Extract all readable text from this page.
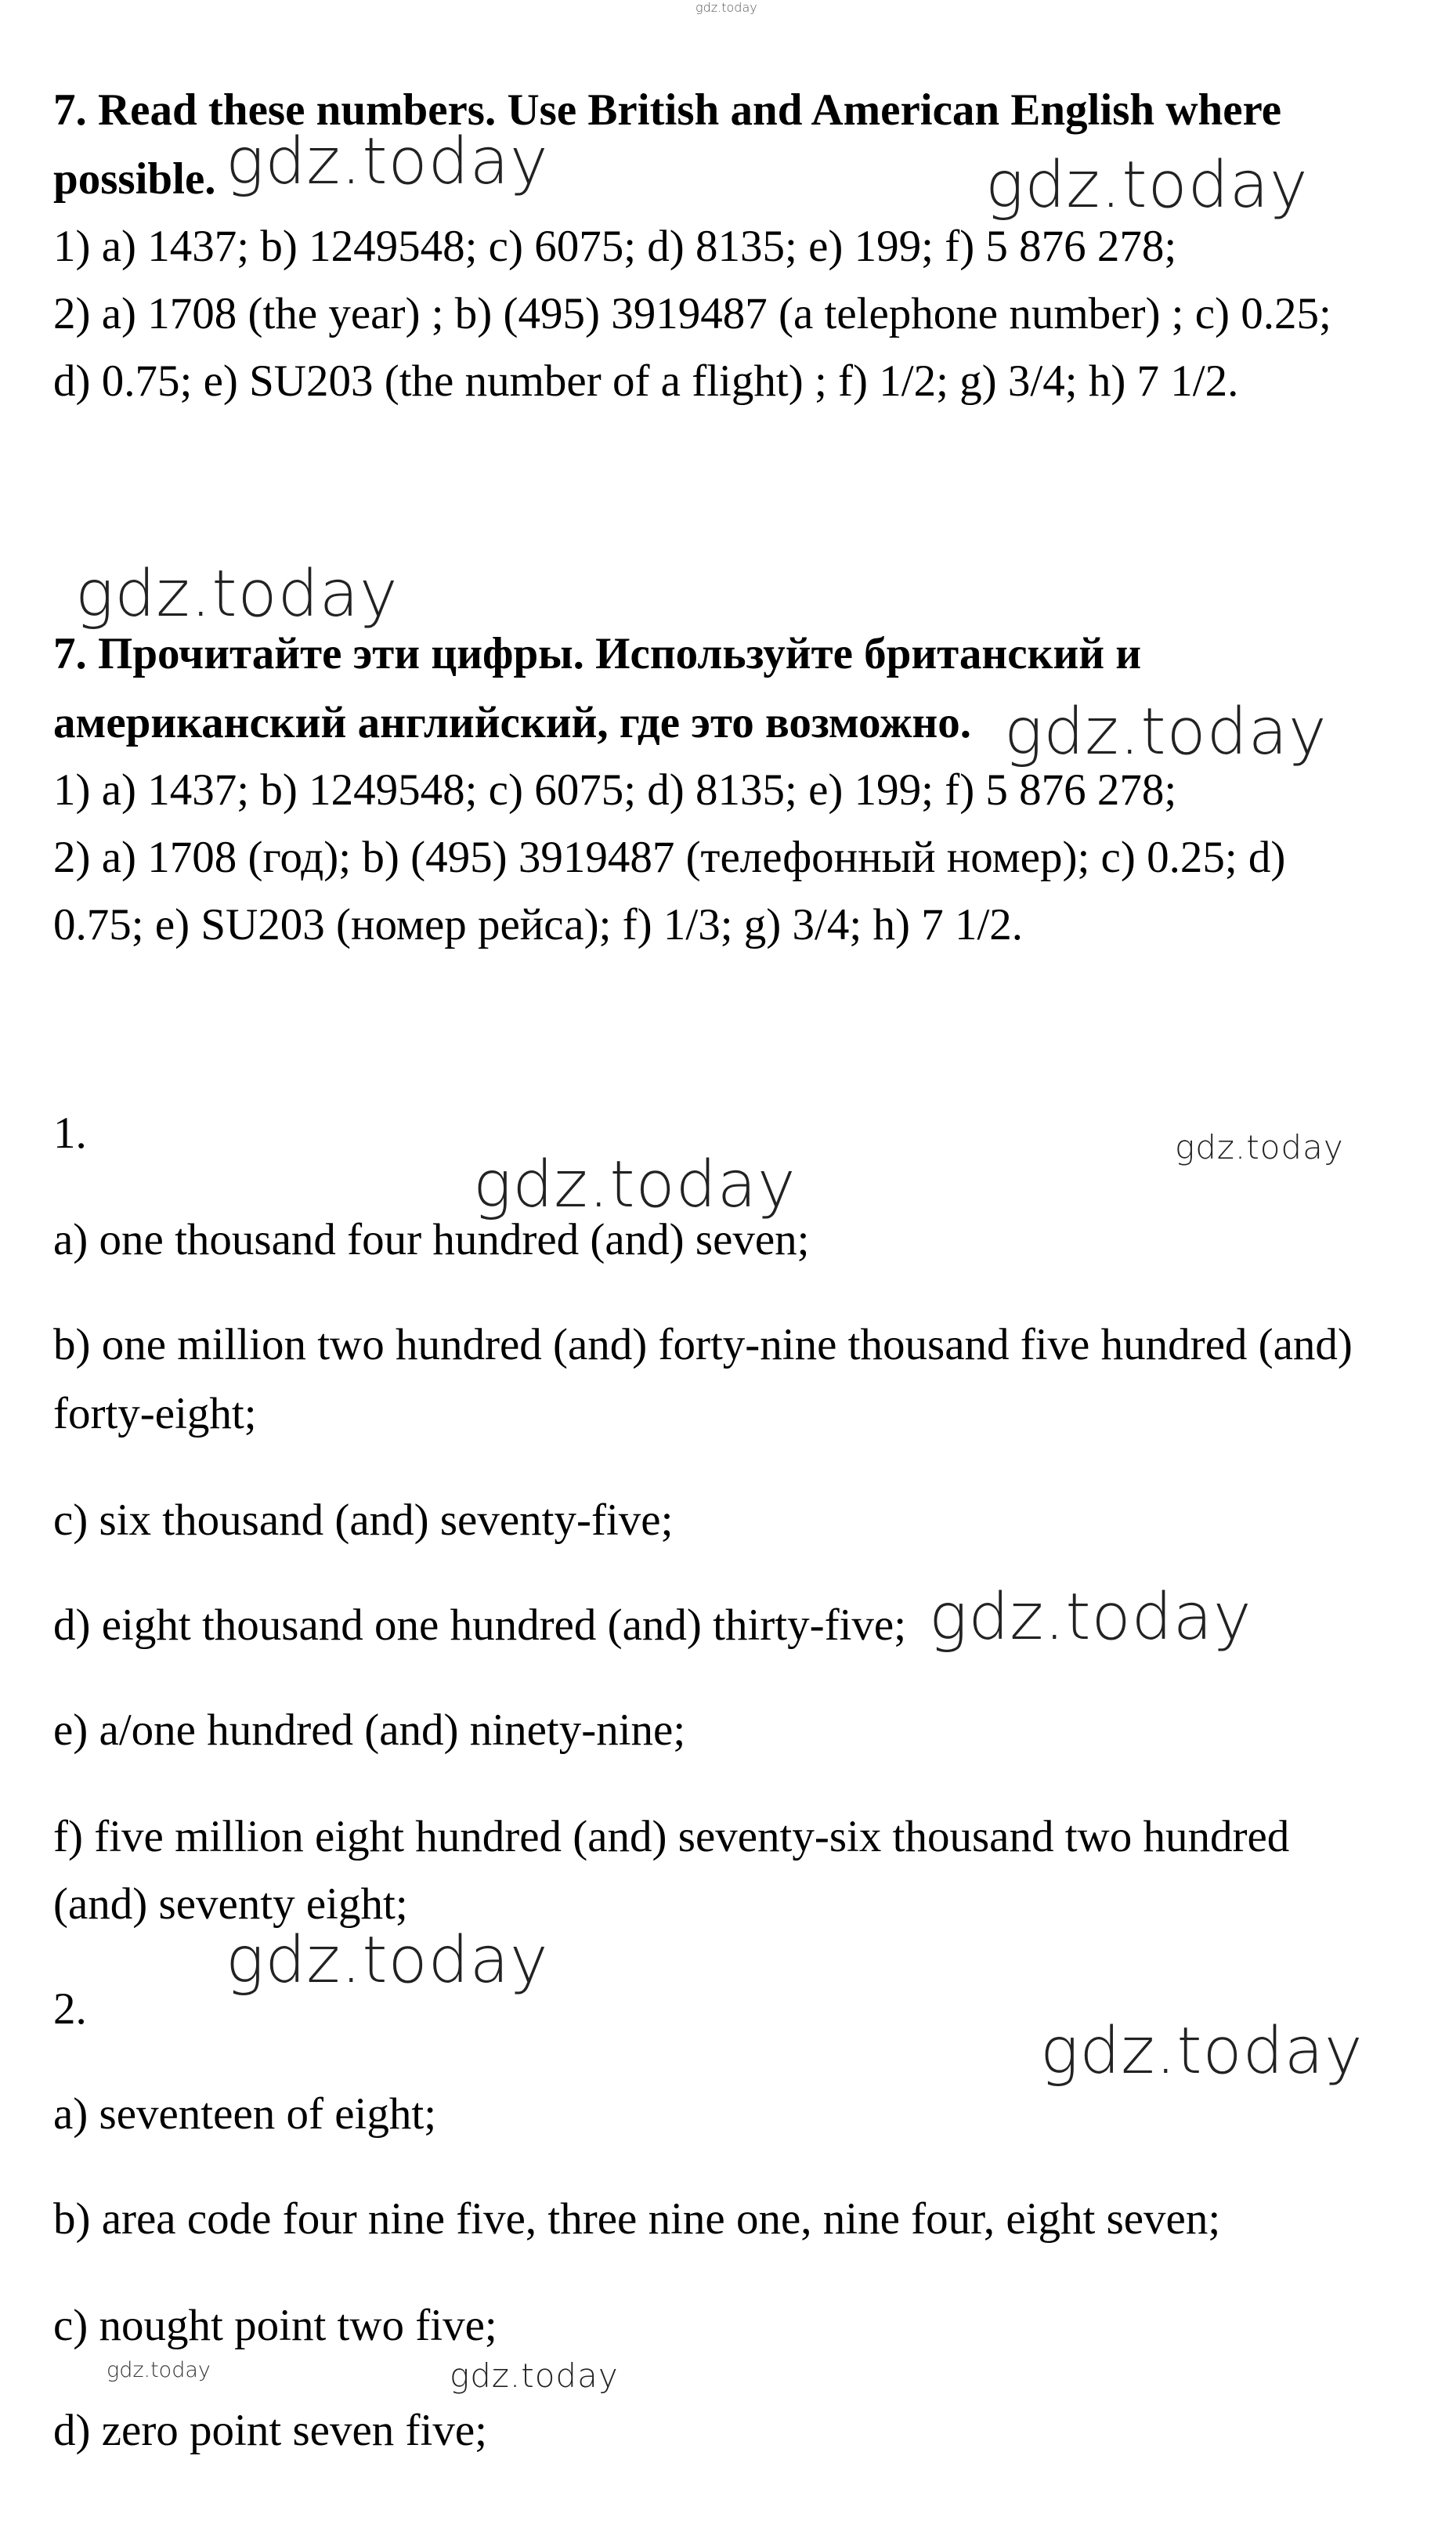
gdz.today
gdz.today	gdz.today
gdz.today
gdz.today
gdz.today
gdz.today
gdz.today
gdz.today
gdz.today
gdz.today	gdz.today

7. Read these numbers. Use British and American English where

possible.

1) a) 1437; b) 1249548; c) 6075; d) 8135; e) 199; f) 5 876 278;

2) a) 1708 (the year) ; b) (495) 3919487 (a telephone number) ; c) 0.25;

d) 0.75; e) SU203 (the number of a flight) ; f) 1/2; g) 3/4; h) 7 1/2.

7. Прочитайте эти цифры. Используйте британский и

американский английский, где это возможно.

1) a) 1437; b) 1249548; c) 6075; d) 8135; e) 199; f) 5 876 278;

2) a) 1708 (год); b) (495) 3919487 (телефонный номер); c) 0.25; d)

0.75; e) SU203 (номер рейса); f) 1/3; g) 3/4; h) 7 1/2.

1.

a) one thousand four hundred (and) seven;

b) one million two hundred (and) forty-nine thousand five hundred (and)

forty-eight;

c) six thousand (and) seventy-five;

d) eight thousand one hundred (and) thirty-five;

e) a/one hundred (and) ninety-nine;

f) five million eight hundred (and) seventy-six thousand two hundred

(and) seventy eight;

2.

a) seventeen of eight;

b) area code four nine five, three nine one, nine four, eight seven;

c) nought point two five;

d) zero point seven five;
